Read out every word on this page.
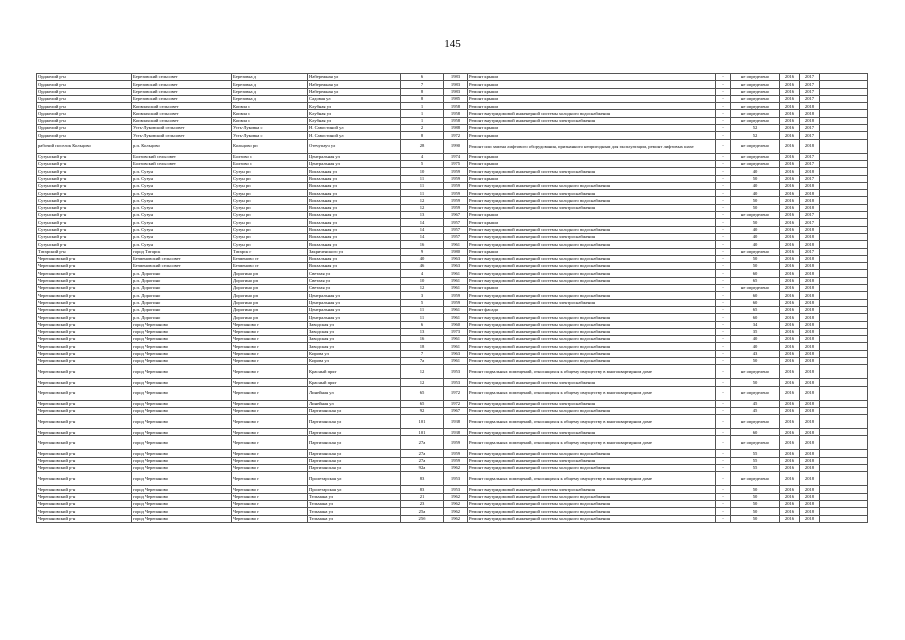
145
Орджелий р-н	Березовский сельсовет	Березовка д	Набережная ул	6	1983	Ремонт крыши	-	не определено	2016	2017	
Орджелий р-н	Березовский сельсовет	Березовка д	Набережная ул	7	1983	Ремонт крыши	-	не определено	2016	2017	
Орджелий р-н	Березовский сельсовет	Березовка д	Набережная ул	8	1983	Ремонт крыши	-	не определено	2016	2017	
Орджелий р-н	Березовский сельсовет	Березовка д	Садовая ул	8	1985	Ремонт крыши	-	не определено	2016	2017	
Орджелий р-н	Копвлахский сельсовет	Копвла с	Клубная ул	1	1958	Ремонт крыши	-	не определено	2016	2018	
Орджелий р-н	Копвлахский сельсовет	Копвла с	Клубная ул	1	1958	Ремонт внутридомовой инженерной системы холодного водоснабжения	-	не определено	2016	2018	
Орджелий р-н	Копвлахский сельсовет	Копвла с	Клубная ул	1	1958	Ремонт внутридомовой инженерной системы электроснабжения	-	не определено	2016	2018	
Орджелий р-н	Усть-Луковский сельсовет	Усть-Луковка с	Н. Савостиной ул	2	1988	Ремонт крыши	-	52	2016	2017	
Орджелий р-н	Усть-Луковский сельсовет	Усть-Луковка с	Н. Савостиной ул	8	1972	Ремонт крыши	-	52	2016	2017	
рабочий поселок Кольцово	р.п. Кольцово	Кольцово рп	Отечупауч ул	28	1990	Ремонт или замена лифтового оборудования, признанного непригодным для эксплуатации, ремонт лифтовых шахт	-	не определено	2016	2018	
Сузунский р-н	Болтовский сельсовет	Болтово с	Центральная ул	4	1974	Ремонт крыши	-	не определено	2016	2017	
Сузунский р-н	Болтовский сельсовет	Болтово с	Центральная ул	5	1975	Ремонт крыши	-	не определено	2016	2017	
Сузунский р-н	р.п. Сузун	Сузун рп	Вокзальная ул	10	1959	Ремонт внутридомовой инженерной системы электроснабжения	-	40	2016	2018	
Сузунский р-н	р.п. Сузун	Сузун рп	Вокзальная ул	11	1959	Ремонт крыши	-	50	2016	2017	
Сузунский р-н	р.п. Сузун	Сузун рп	Вокзальная ул	11	1959	Ремонт внутридомовой инженерной системы холодного водоснабжения	-	40	2016	2018	
Сузунский р-н	р.п. Сузун	Сузун рп	Вокзальная ул	11	1959	Ремонт внутридомовой инженерной системы электроснабжения	-	40	2016	2018	
Сузунский р-н	р.п. Сузун	Сузун рп	Вокзальная ул	12	1959	Ремонт внутридомовой инженерной системы холодного водоснабжения	-	50	2016	2018	
Сузунский р-н	р.п. Сузун	Сузун рп	Вокзальная ул	12	1959	Ремонт внутридомовой инженерной системы электроснабжения	-	50	2016	2018	
Сузунский р-н	р.п. Сузун	Сузун рп	Вокзальная ул	13	1967	Ремонт крыши	-	не определено	2016	2017	
Сузунский р-н	р.п. Сузун	Сузун рп	Вокзальная ул	14	1957	Ремонт крыши	-	50	2016	2017	
Сузунский р-н	р.п. Сузун	Сузун рп	Вокзальная ул	14	1957	Ремонт внутридомовой инженерной системы холодного водоснабжения	-	40	2016	2018	
Сузунский р-н	р.п. Сузун	Сузун рп	Вокзальная ул	14	1957	Ремонт внутридомовой инженерной системы электроснабжения	-	40	2016	2018	
Сузунский р-н	р.п. Сузун	Сузун рп	Вокзальная ул	16	1961	Ремонт внутридомовой инженерной системы холодного водоснабжения	-	40	2016	2018	
Татарский р-н	город Татарск	Татарск г	Закриченского ул	9	1980	Ремонт крыши	-	не определено	2016	2017	
Черепановский р-н	Безменовский сельсовет	Безменово ст	Вокзальная ул	40	1963	Ремонт внутридомовой инженерной системы холодного водоснабжения	-	50	2016	2018	
Черепановский р-н	Безменовский сельсовет	Безменово ст	Вокзальная ул	46	1963	Ремонт внутридомовой инженерной системы холодного водоснабжения	-	50	2016	2018	
Черепановский р-н	р.п. Дорогино	Дорогино рп	Светлая ул	4	1961	Ремонт внутридомовой инженерной системы холодного водоснабжения	-	60	2016	2018	
Черепановский р-н	р.п. Дорогино	Дорогино рп	Светлая ул	10	1961	Ремонт внутридомовой инженерной системы холодного водоснабжения	-	65	2016	2018	
Черепановский р-н	р.п. Дорогино	Дорогино рп	Светлая ул	12	1961	Ремонт крыши	-	не определено	2016	2018	
Черепановский р-н	р.п. Дорогино	Дорогино рп	Центральная ул	3	1959	Ремонт внутридомовой инженерной системы холодного водоснабжения	-	60	2016	2018	
Черепановский р-н	р.п. Дорогино	Дорогино рп	Центральная ул	5	1959	Ремонт внутридомовой инженерной системы электроснабжения	-	60	2016	2018	
Черепановский р-н	р.п. Дорогино	Дорогино рп	Центральная ул	11	1961	Ремонт фасада	-	65	2016	2018	
Черепановский р-н	р.п. Дорогино	Дорогино рп	Центральная ул	11	1961	Ремонт внутридомовой инженерной системы холодного водоснабжения	-	60	2016	2018	
Черепановский р-н	город Черепаново	Черепаново г	Заводская ул	6	1960	Ремонт внутридомовой инженерной системы холодного водоснабжения	-	34	2016	2018	
Черепановский р-н	город Черепаново	Черепаново г	Заводская ул	13	1973	Ремонт внутридомовой инженерной системы холодного водоснабжения	-	35	2016	2018	
Черепановский р-н	город Черепаново	Черепаново г	Заводская ул	16	1961	Ремонт внутридомовой инженерной системы холодного водоснабжения	-	40	2016	2018	
Черепановский р-н	город Черепаново	Черепаново г	Заводская ул	18	1961	Ремонт внутридомовой инженерной системы холодного водоснабжения	-	40	2016	2018	
Черепановский р-н	город Черепаново	Черепаново г	Кирова ул	7	1963	Ремонт внутридомовой инженерной системы холодного водоснабжения	-	43	2016	2018	
Черепановский р-н	город Черепаново	Черепаново г	Кирова ул	7а	1961	Ремонт внутридомовой инженерной системы холодного водоснабжения	-	50	2016	2018	
Черепановский р-н	город Черепаново	Черепаново г	Красный пркт	12	1953	Ремонт подвальных помещений, относящихся к общему имуществу в многоквартирном доме	-	не определено	2016	2018	
Черепановский р-н	город Черепаново	Черепаново г	Красный пркт	12	1953	Ремонт внутридомовой инженерной системы электроснабжения	-	50	2016	2018	
Черепановский р-н	город Черепаново	Черепаново г	Линейная ул	65	1972	Ремонт подвальных помещений, относящихся к общему имуществу в многоквартирном доме	-	не определено	2016	2018	
Черепановский р-н	город Черепаново	Черепаново г	Линейная ул	65	1972	Ремонт внутридомовой инженерной системы электроснабжения	-	45	2016	2018	
Черепановский р-н	город Черепаново	Черепаново г	Партизанская ул	92	1967	Ремонт внутридомовой инженерной системы холодного водоснабжения	-	45	2016	2018	
Черепановский р-н	город Черепаново	Черепаново г	Партизанская ул	101	1938	Ремонт подвальных помещений, относящихся к общему имуществу в многоквартирном доме	-	не определено	2016	2018	
Черепановский р-н	город Черепаново	Черепаново г	Партизанская ул	101	1938	Ремонт внутридомовой инженерной системы электроснабжения	-	60	2016	2018	
Черепановский р-н	город Черепаново	Черепаново г	Партизанская ул	27а	1959	Ремонт подвальных помещений, относящихся к общему имуществу в многоквартирном доме	-	не определено	2016	2018	
Черепановский р-н	город Черепаново	Черепаново г	Партизанская ул	27а	1959	Ремонт внутридомовой инженерной системы холодного водоснабжения	-	55	2016	2018	
Черепановский р-н	город Черепаново	Черепаново г	Партизанская ул	27а	1959	Ремонт внутридомовой инженерной системы электроснабжения	-	55	2016	2018	
Черепановский р-н	город Черепаново	Черепаново г	Партизанская ул	92а	1962	Ремонт внутридомовой инженерной системы холодного водоснабжения	-	55	2016	2018	
Черепановский р-н	город Черепаново	Черепаново г	Пролетарская ул	83	1953	Ремонт подвальных помещений, относящихся к общему имуществу в многоквартирном доме	-	не определено	2016	2018	
Черепановский р-н	город Черепаново	Черепаново г	Пролетарская ул	83	1953	Ремонт внутридомовой инженерной системы электроснабжения	-	50	2016	2018	
Черепановский р-н	город Черепаново	Черепаново г	Тельмана ул	21	1962	Ремонт внутридомовой инженерной системы холодного водоснабжения	-	50	2016	2018	
Черепановский р-н	город Черепаново	Черепаново г	Тельмана ул	23	1962	Ремонт внутридомовой инженерной системы холодного водоснабжения	-	50	2016	2018	
Черепановский р-н	город Черепаново	Черепаново г	Тельмана ул	25а	1962	Ремонт внутридомовой инженерной системы холодного водоснабжения	-	50	2016	2018	
Черепановский р-н	город Черепаново	Черепаново г	Тельмана ул	25б	1962	Ремонт внутридомовой инженерной системы холодного водоснабжения	-	50	2016	2018	
